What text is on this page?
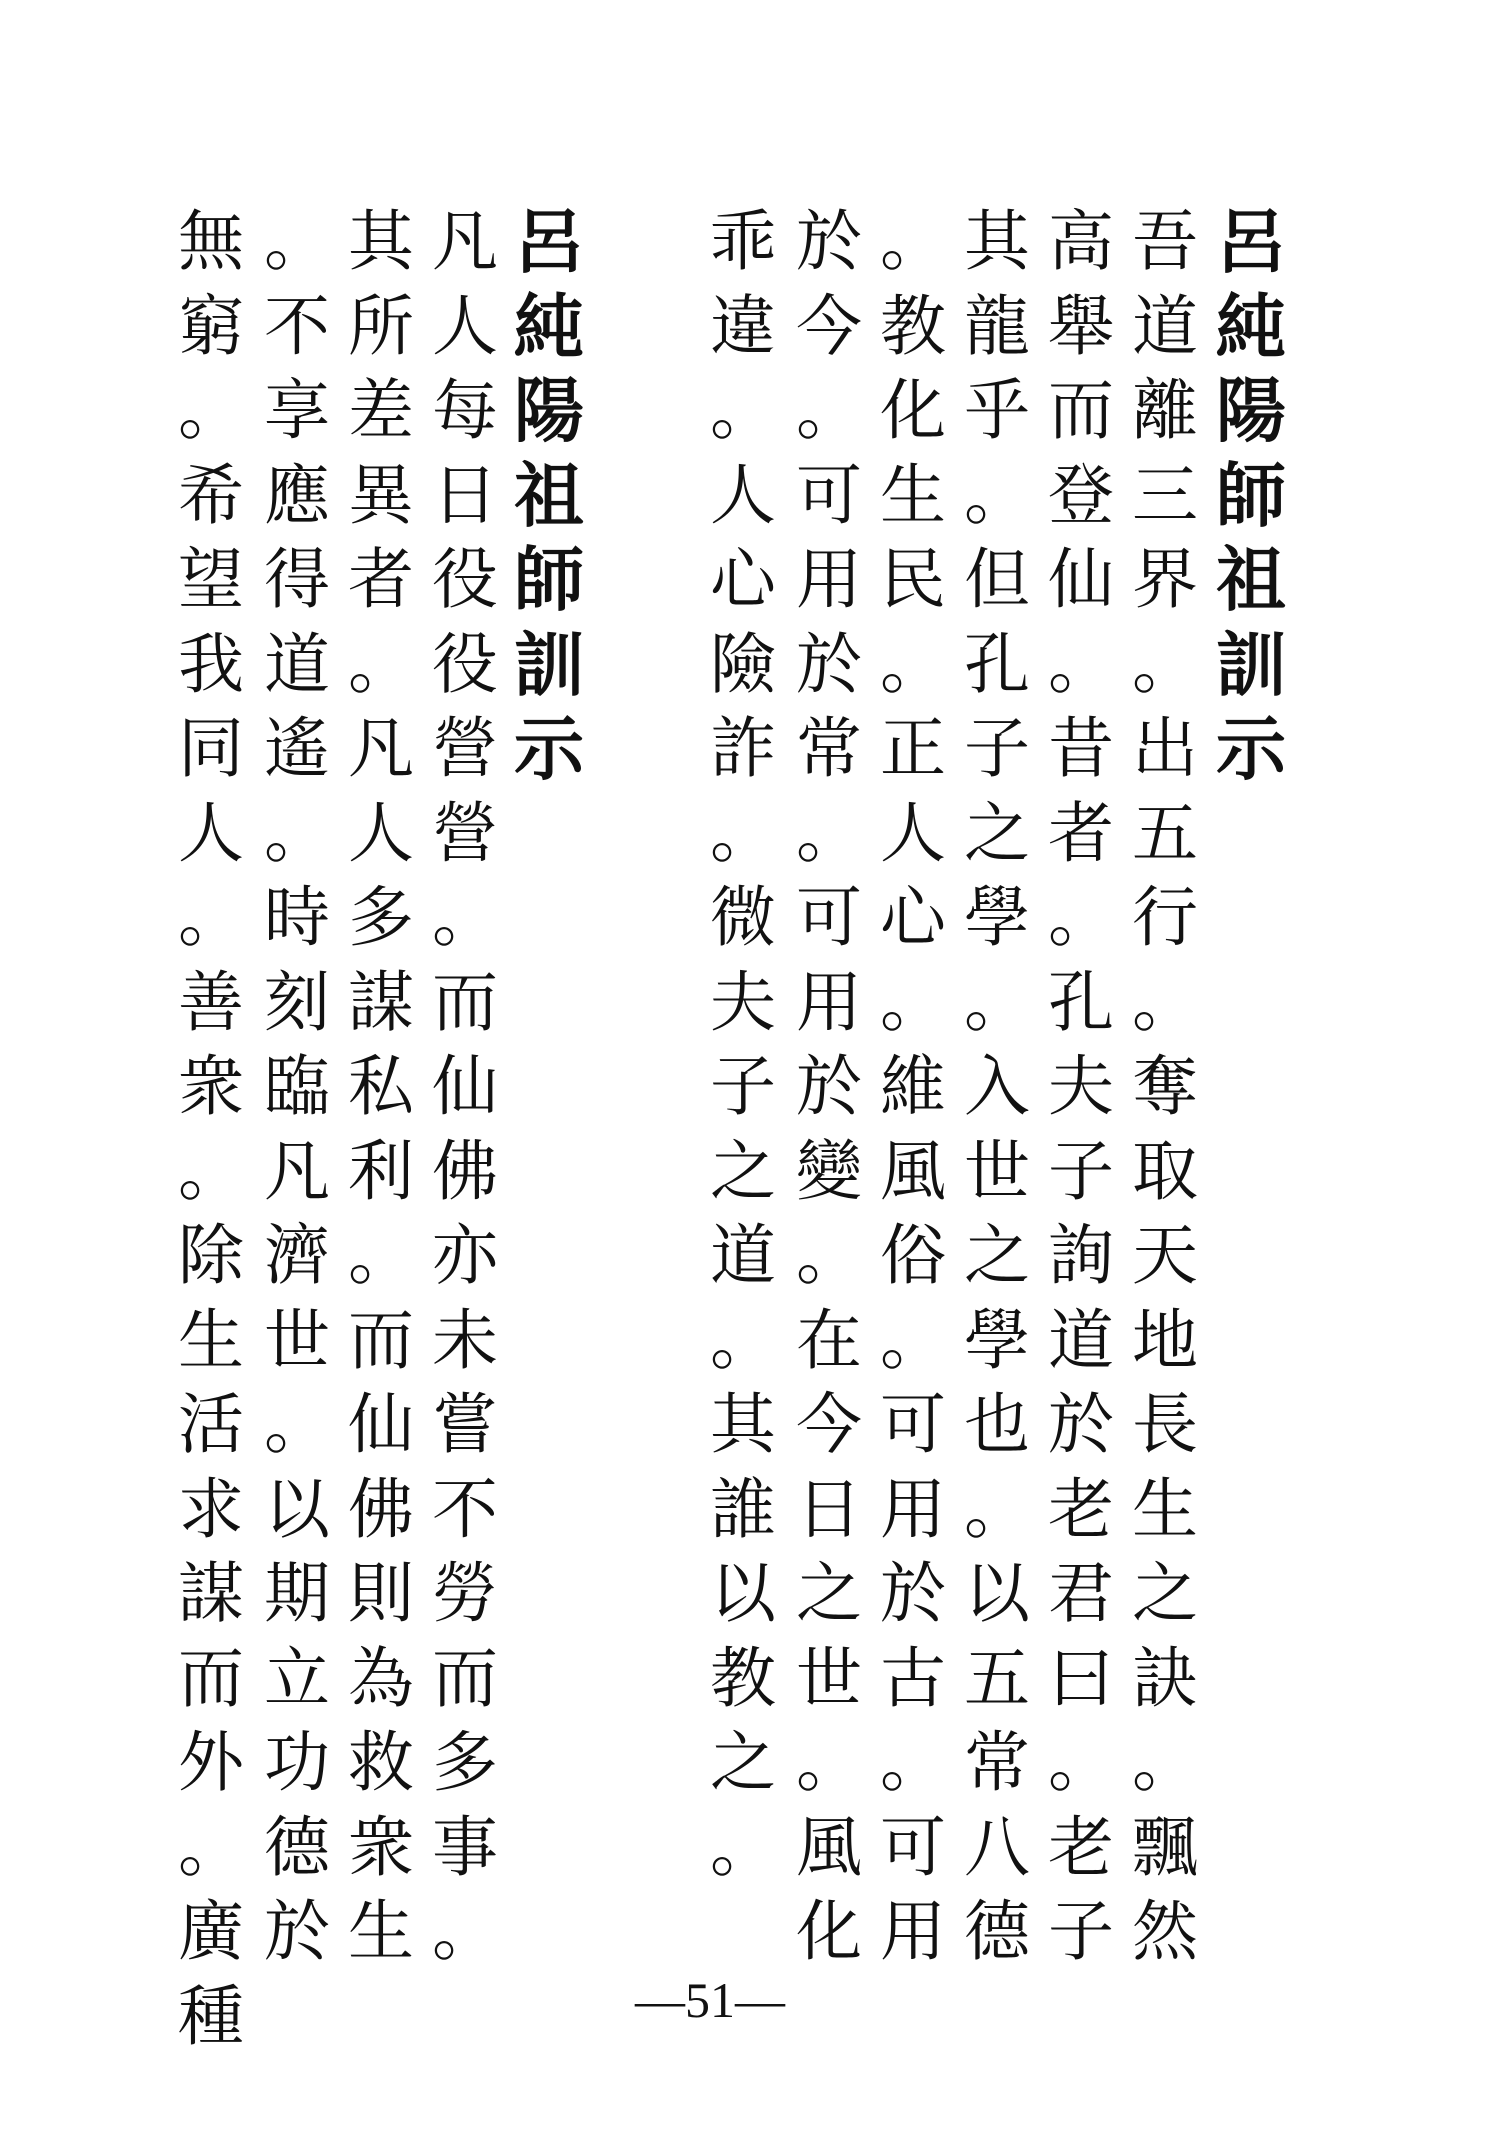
呂
純
陽
師
祖
訓
示
吾
道
離
三
界
。
出
五
行
。
奪
取
天
地
長
生
之
訣
。
飄
然
高
舉
而
登
仙
。
昔
者
。
孔
夫
子
詢
道
於
老
君
曰
。
老
子
其
龍
乎
。
但
孔
子
之
學
。
入
世
之
學
也
。
以
五
常
八
德
。
教
化
生
民
。
正
人
心
。
維
風
俗
。
可
用
於
古
。
可
用
於
今
。
可
用
於
常
。
可
用
於
變
。
在
今
日
之
世
。
風
化
乖
違
。
人
心
險
詐
。
微
夫
子
之
道
。
其
誰
以
教
之
。
呂
純
陽
祖
師
訓
示
凡
人
每
日
役
役
營
營
。
而
仙
佛
亦
未
嘗
不
勞
而
多
事
。
其
所
差
異
者
。
凡
人
多
謀
私
利
。
而
仙
佛
則
為
救
衆
生
。
不
享
應
得
道
遙
。
時
刻
臨
凡
濟
世
。
以
期
立
功
德
於
無
窮
。
希
望
我
同
人
。
善
衆
。
除
生
活
求
謀
而
外
。
廣
種	—51—
